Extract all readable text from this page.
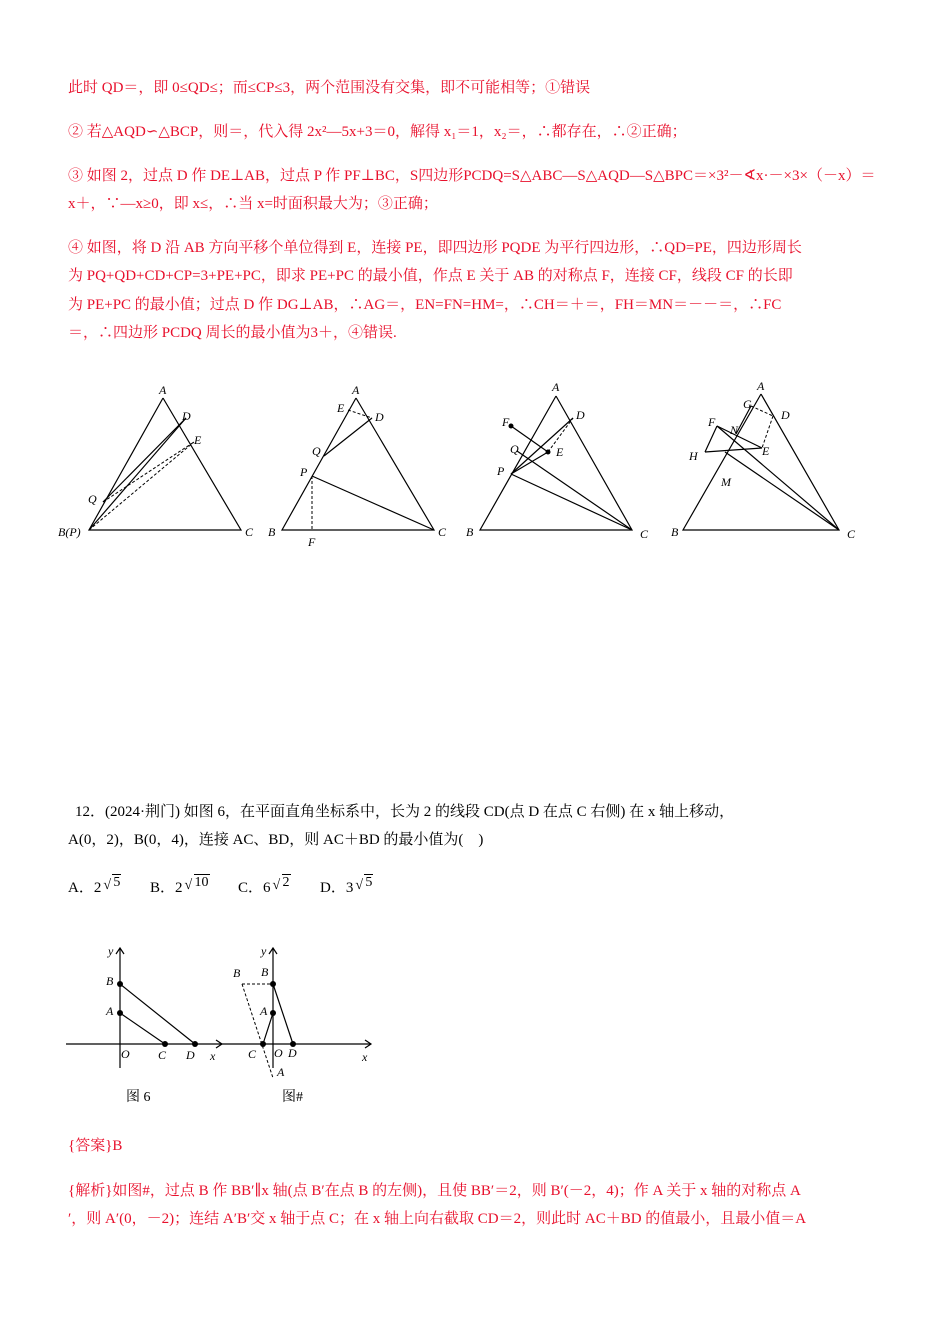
此时 QD＝，即 0≤QD≤；而≤CP≤3，两个范围没有交集，即不可能相等；①错误
② 若△AQD∽△BCP，则＝，代入得 2x²—5x+3＝0，解得 x₁＝1，x₂＝，∴都存在，∴②正确；
③ 如图 2，过点 D 作 DE⊥AB，过点 P 作 PF⊥BC，S四边形PCDQ=S△ABC—S△AQD—S△BPC＝×3²－∢x·－×3×（－x）＝
x＋，∵—x≥0，即 x≤，∴当 x=时面积最大为；③正确；
④ 如图，将 D 沿 AB 方向平移个单位得到 E，连接 PE，即四边形 PQDE 为平行四边形，∴QD=PE，四边形周长
为 PQ+QD+CD+CP=3+PE+PC，即求 PE+PC 的最小值，作点 E 关于 AB 的对称点 F，连接 CF，线段 CF 的长即
为 PE+PC 的最小值；过点 D 作 DG⊥AB，∴AG＝，EN=FN=HM=，∴CH＝＋＝，FH＝MN＝－－＝，∴FC
＝，∴四边形 PCDQ 周长的最小值为3＋，④错误.
A
D
E
Q
B(P)	C
A
E
D
Q
P
B
F
C
A
D
F
Q	E
P
B	C
A
G
D
F
N
H	E
M
B	C
12．(2024·荆门) 如图 6，在平面直角坐标系中，长为 2 的线段 CD(点 D 在点 C 右侧) 在 x 轴上移动，
A(0，2)，B(0，4)，连接 AC、BD，则 AC＋BD 的最小值为(　)
A．2 √ 5 B．2 √ 10 C．6 √ 2 D．3 √ 5
y
B
A
O C D x
图 6
y
B B
A
C O D
A
x
图#
{答案}B
{解析}如图#，过点 B 作 BB′∥x 轴(点 B′在点 B 的左侧)，且使 BB′＝2，则 B′(－2，4)；作 A 关于 x 轴的对称点 A
′，则 A′(0，－2)；连结 A′B′交 x 轴于点 C；在 x 轴上向右截取 CD＝2，则此时 AC＋BD 的值最小，且最小值＝A
